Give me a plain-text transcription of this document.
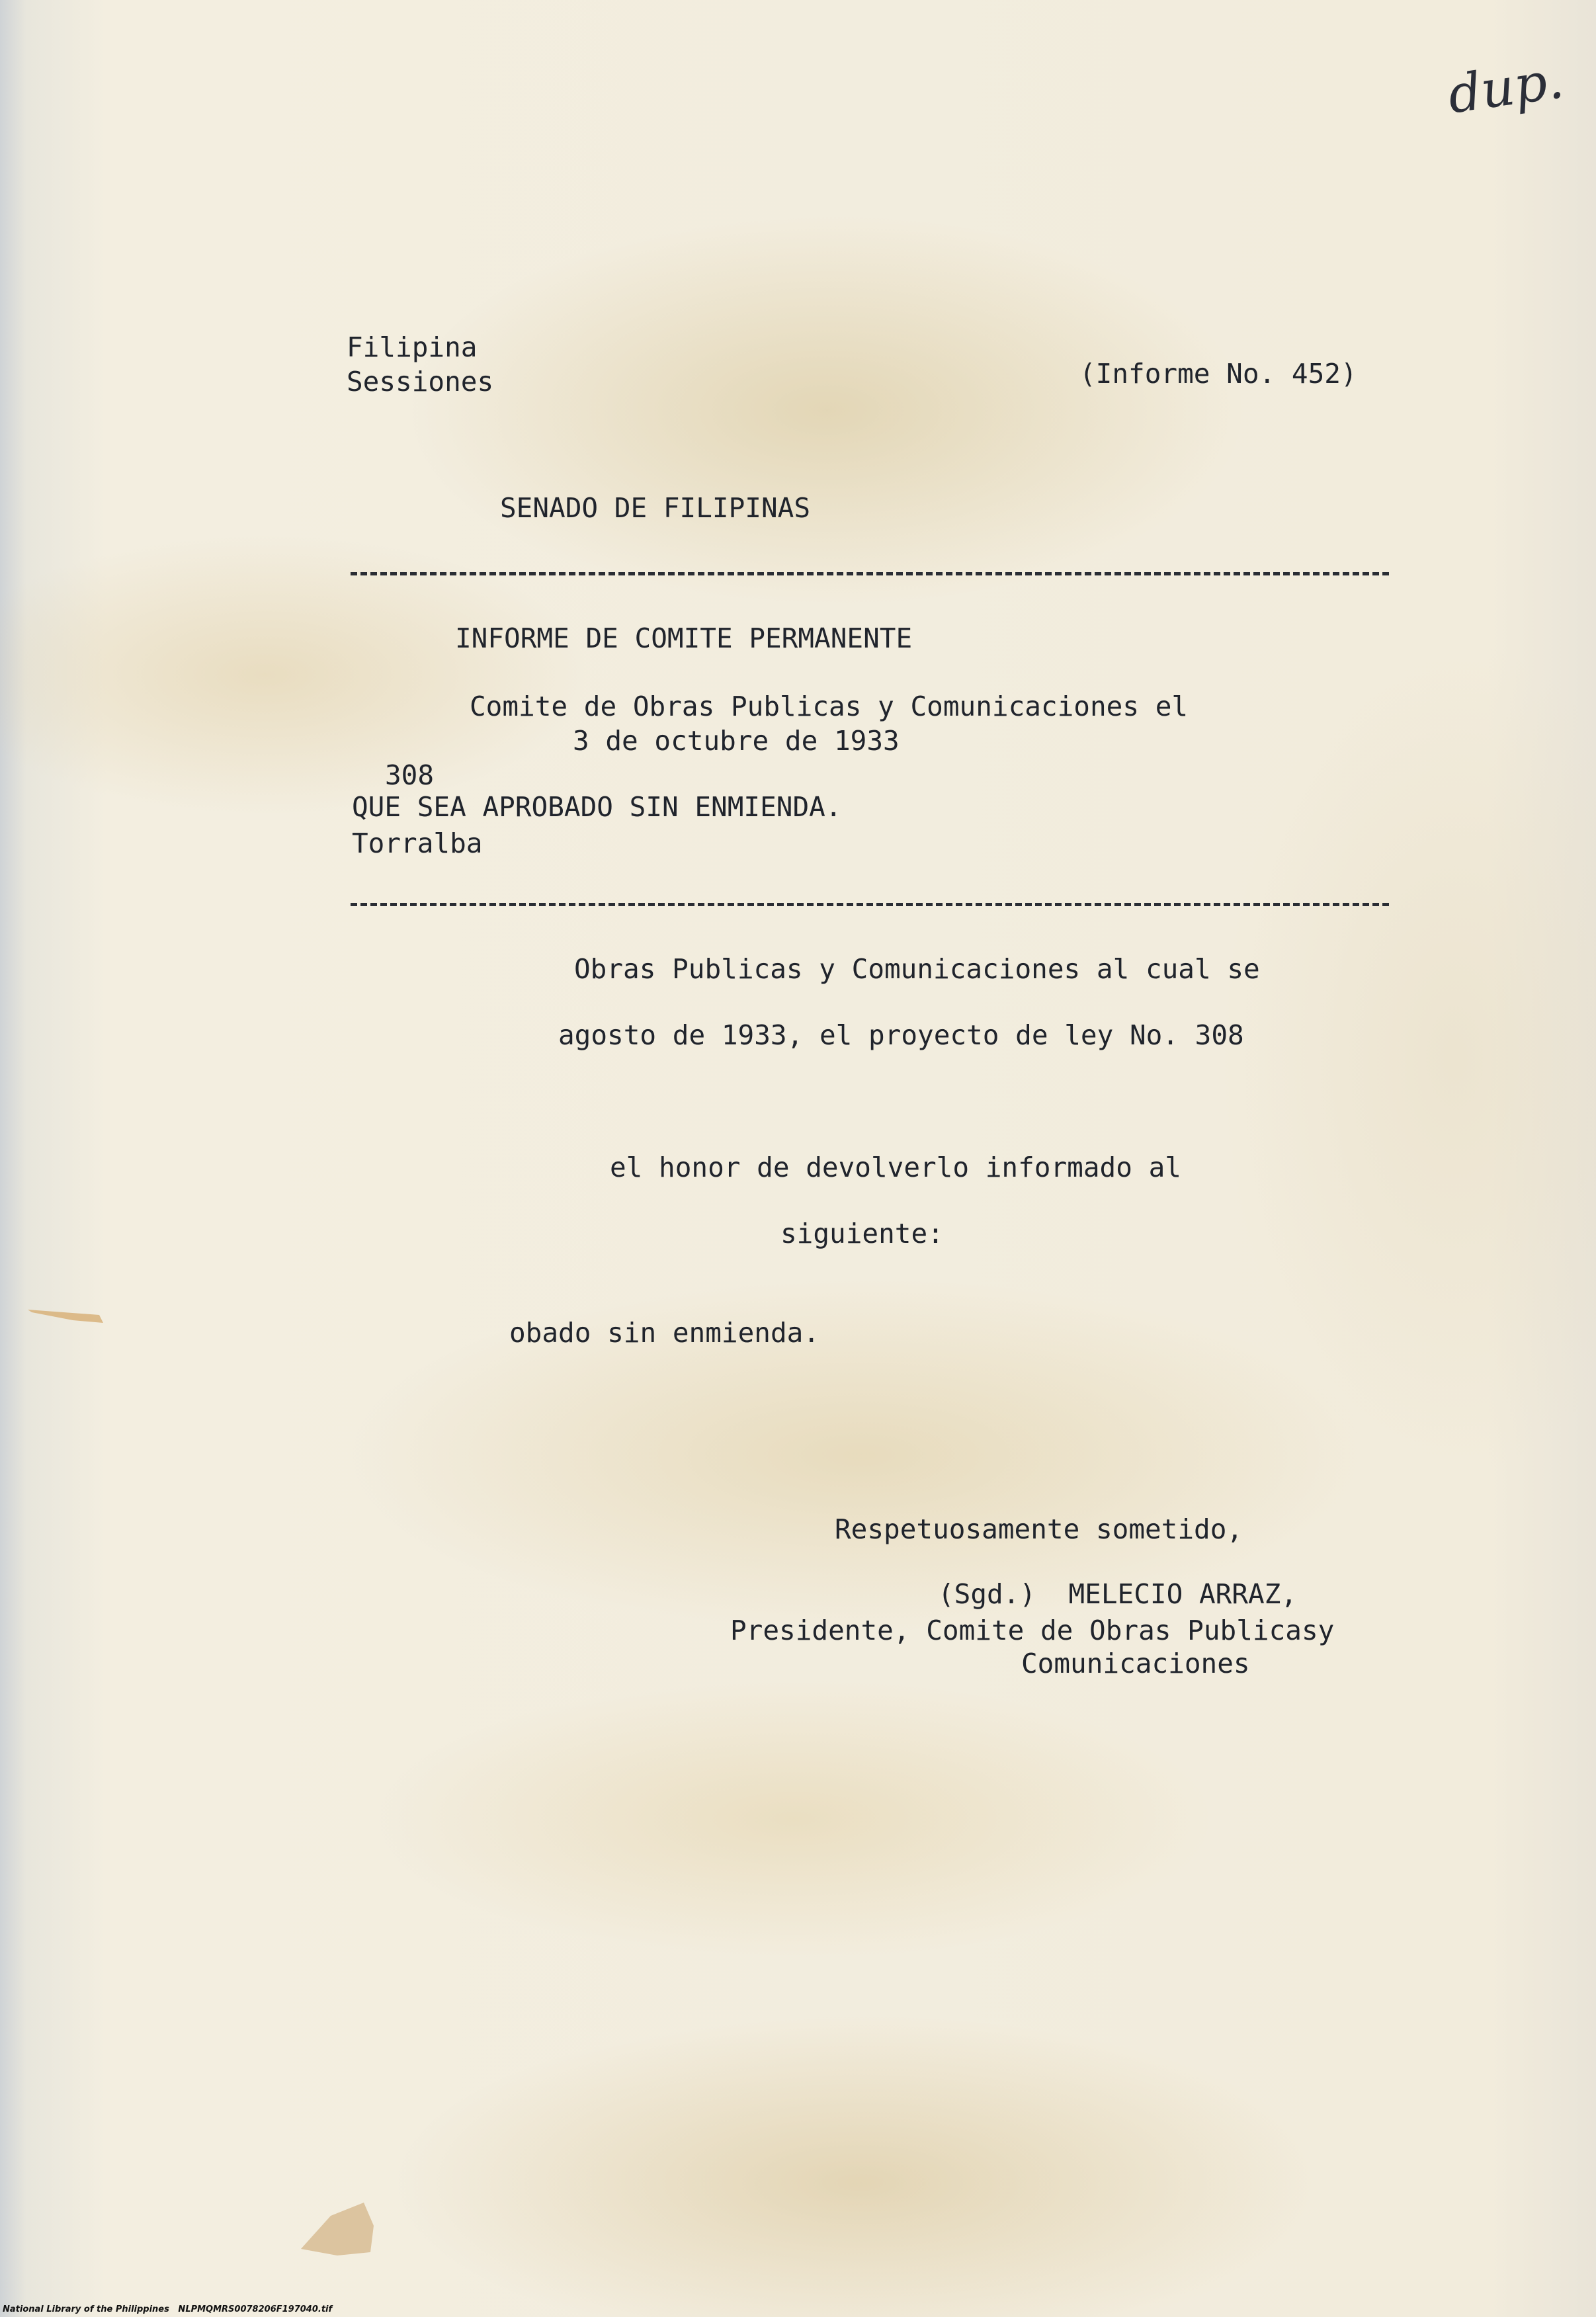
dup.
Filipina
Sessiones	(Informe No. 452)
SENADO DE FILIPINAS
INFORME DE COMITE PERMANENTE
Comite de Obras Publicas y Comunicaciones el
3 de octubre de 1933
308
QUE SEA APROBADO SIN ENMIENDA.
Torralba
Obras Publicas y Comunicaciones al cual se
agosto de 1933, el proyecto de ley No. 308
el honor de devolverlo informado al
siguiente:
obado sin enmienda.
Respetuosamente sometido,
(Sgd.)  MELECIO ARRAZ,
Presidente, Comite de Obras Publicasy
Comunicaciones
National Library of the Philippines   NLPMQMRS0078206F197040.tif
